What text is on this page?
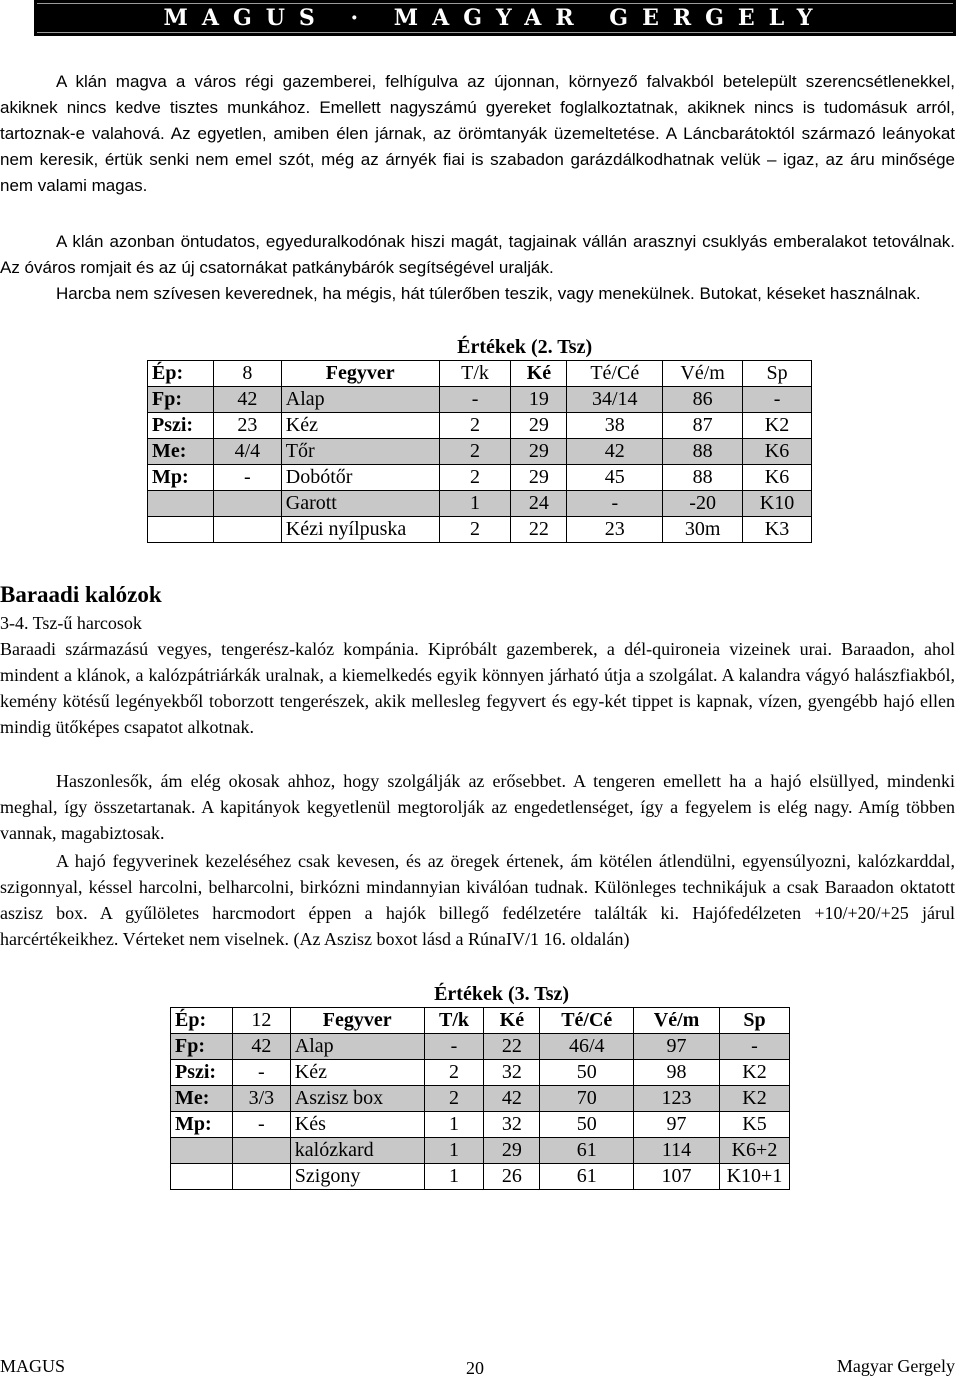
MAGUS · MAGYAR GERGELY

A klán magva a város régi gazemberei, felhígulva az újonnan, környező falvakból betelepült szerencsétlenekkel, akiknek nincs kedve tisztes munkához. Emellett nagyszámú gyereket foglalkoztatnak, akiknek nincs is tudomásuk arról, tartoznak-e valahová. Az egyetlen, amiben élen járnak, az örömtanyák üzemeltetése. A Láncbarátoktól származó leányokat nem keresik, értük senki nem emel szót, még az árnyék fiai is szabadon garázdálkodhatnak velük – igaz, az áru minősége nem valami magas.

A klán azonban öntudatos, egyeduralkodónak hiszi magát, tagjainak vállán arasznyi csuklyás emberalakot tetoválnak. Az óváros romjait és az új csatornákat patkánybárók segítségével uralják.

Harcba nem szívesen keverednek, ha mégis, hát túlerőben teszik, vagy menekülnek. Butokat, késeket használnak.

			Értékek (2. Tsz)				
Ép:	8	Fegyver	T/k	Ké	Té/Cé	Vé/m	Sp
Fp:	42	Alap	-	19	34/14	86	-
Pszi:	23	Kéz	2	29	38	87	K2
Me:	4/4	Tőr	2	29	42	88	K6
Mp:	-	Dobótőr	2	29	45	88	K6
		Garott	1	24	-	-20	K10
		Kézi nyílpuska	2	22	23	30m	K3
Baraadi kalózok

3-4. Tsz-ű harcosok

Baraadi származású vegyes, tengerész-kalóz kompánia. Kipróbált gazemberek, a dél-quironeia vizeinek urai. Baraadon, ahol mindent a klánok, a kalózpátriárkák uralnak, a kiemelkedés egyik könnyen járható útja a szolgálat. A kalandra vágyó halászfiakból, kemény kötésű legényekből toborzott tengerészek, akik mellesleg fegyvert és egy-két tippet is kapnak, vízen, gyengébb hajó ellen mindig ütőképes csapatot alkotnak.

Haszonlesők, ám elég okosak ahhoz, hogy szolgálják az erősebbet. A tengeren emellett ha a hajó elsüllyed, mindenki meghal, így összetartanak. A kapitányok kegyetlenül megtorolják az engedetlenséget, így a fegyelem is elég nagy. Amíg többen vannak, magabiztosak.

A hajó fegyverinek kezeléséhez csak kevesen, és az öregek értenek, ám kötélen átlendülni, egyensúlyozni, kalózkarddal, szigonnyal, késsel harcolni, belharcolni, birkózni mindannyian kiválóan tudnak. Különleges technikájuk a csak Baraadon oktatott aszisz box. A gyűlöletes harcmodort éppen a hajók billegő fedélzetére találták ki. Hajófedélzeten +10/+20/+25 járul harcértékeikhez. Vérteket nem viselnek. (Az Aszisz boxot lásd a RúnaIV/1 16. oldalán)

			Értékek (3. Tsz)				
Ép:	12	Fegyver	T/k	Ké	Té/Cé	Vé/m	Sp
Fp:	42	Alap	-	22	46/4	97	-
Pszi:	-	Kéz	2	32	50	98	K2
Me:	3/3	Aszisz box	2	42	70	123	K2
Mp:	-	Kés	1	32	50	97	K5
		kalózkard	1	29	61	114	K6+2
		Szigony	1	26	61	107	K10+1
MAGUS	20	Magyar Gergely
